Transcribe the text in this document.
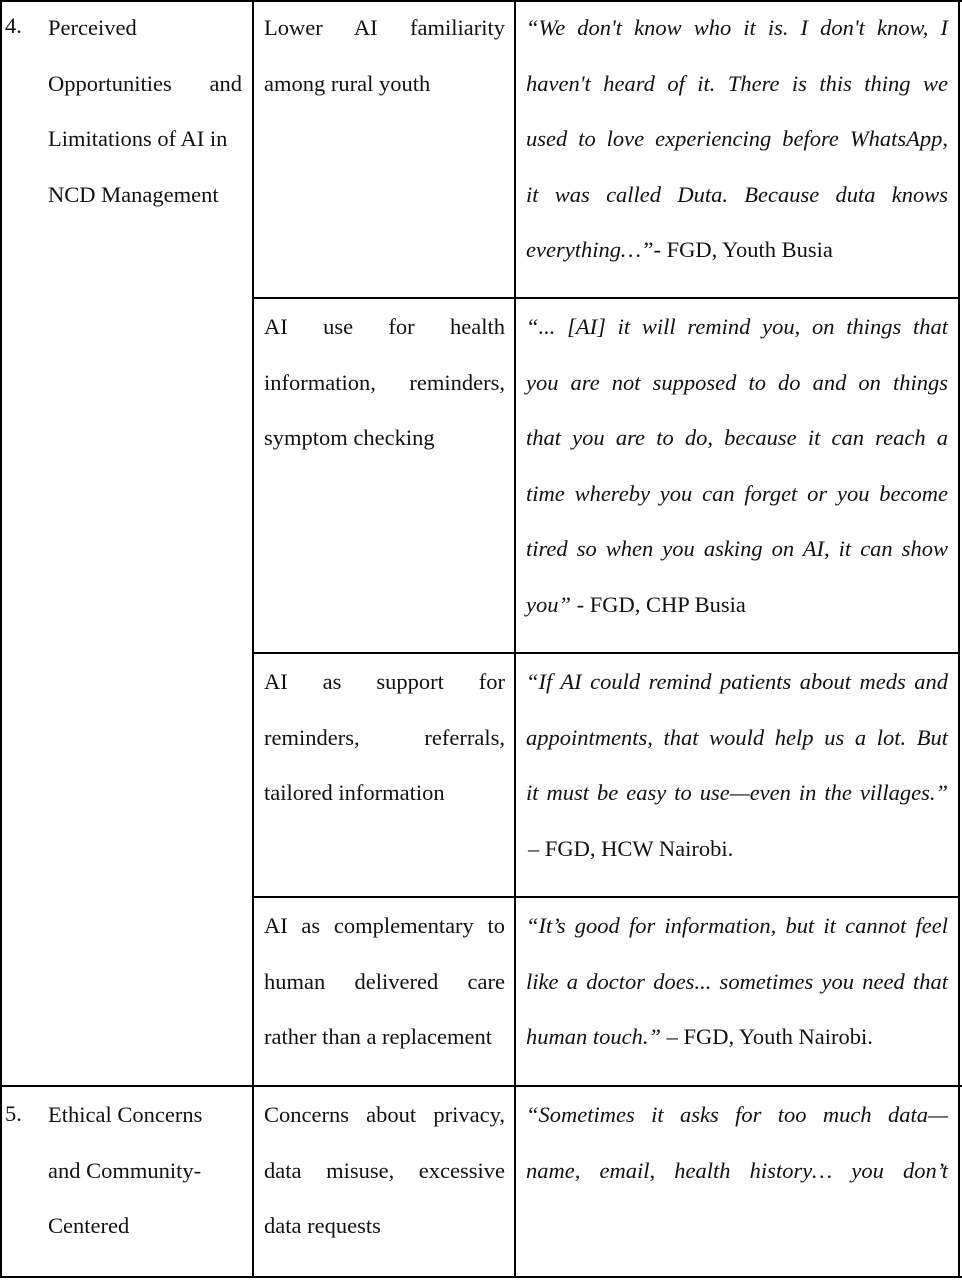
4. Perceived
Opportunities and
Limitations of AI in
NCD Management
Lower AI familiarity
among rural youth
“We don't know who it is. I don't know, I
haven't heard of it. There is this thing we
used to love experiencing before WhatsApp,
it was called Duta. Because duta knows
everything…”- FGD, Youth Busia
AI use for health
information, reminders,
symptom checking
“... [AI] it will remind you, on things that
you are not supposed to do and on things
that you are to do, because it can reach a
time whereby you can forget or you become
tired so when you asking on AI, it can show
you” - FGD, CHP Busia
AI as support for
reminders, referrals,
tailored information
“If AI could remind patients about meds and
appointments, that would help us a lot. But
it must be easy to use—even in the villages.”
– FGD, HCW Nairobi.
AI as complementary to
human delivered care
rather than a replacement
“It’s good for information, but it cannot feel
like a doctor does... sometimes you need that
human touch.” – FGD, Youth Nairobi.
5. Ethical Concerns
and Community-
Centered
Concerns about privacy,
data misuse, excessive
data requests
“Sometimes it asks for too much data—
name, email, health history… you don’t
